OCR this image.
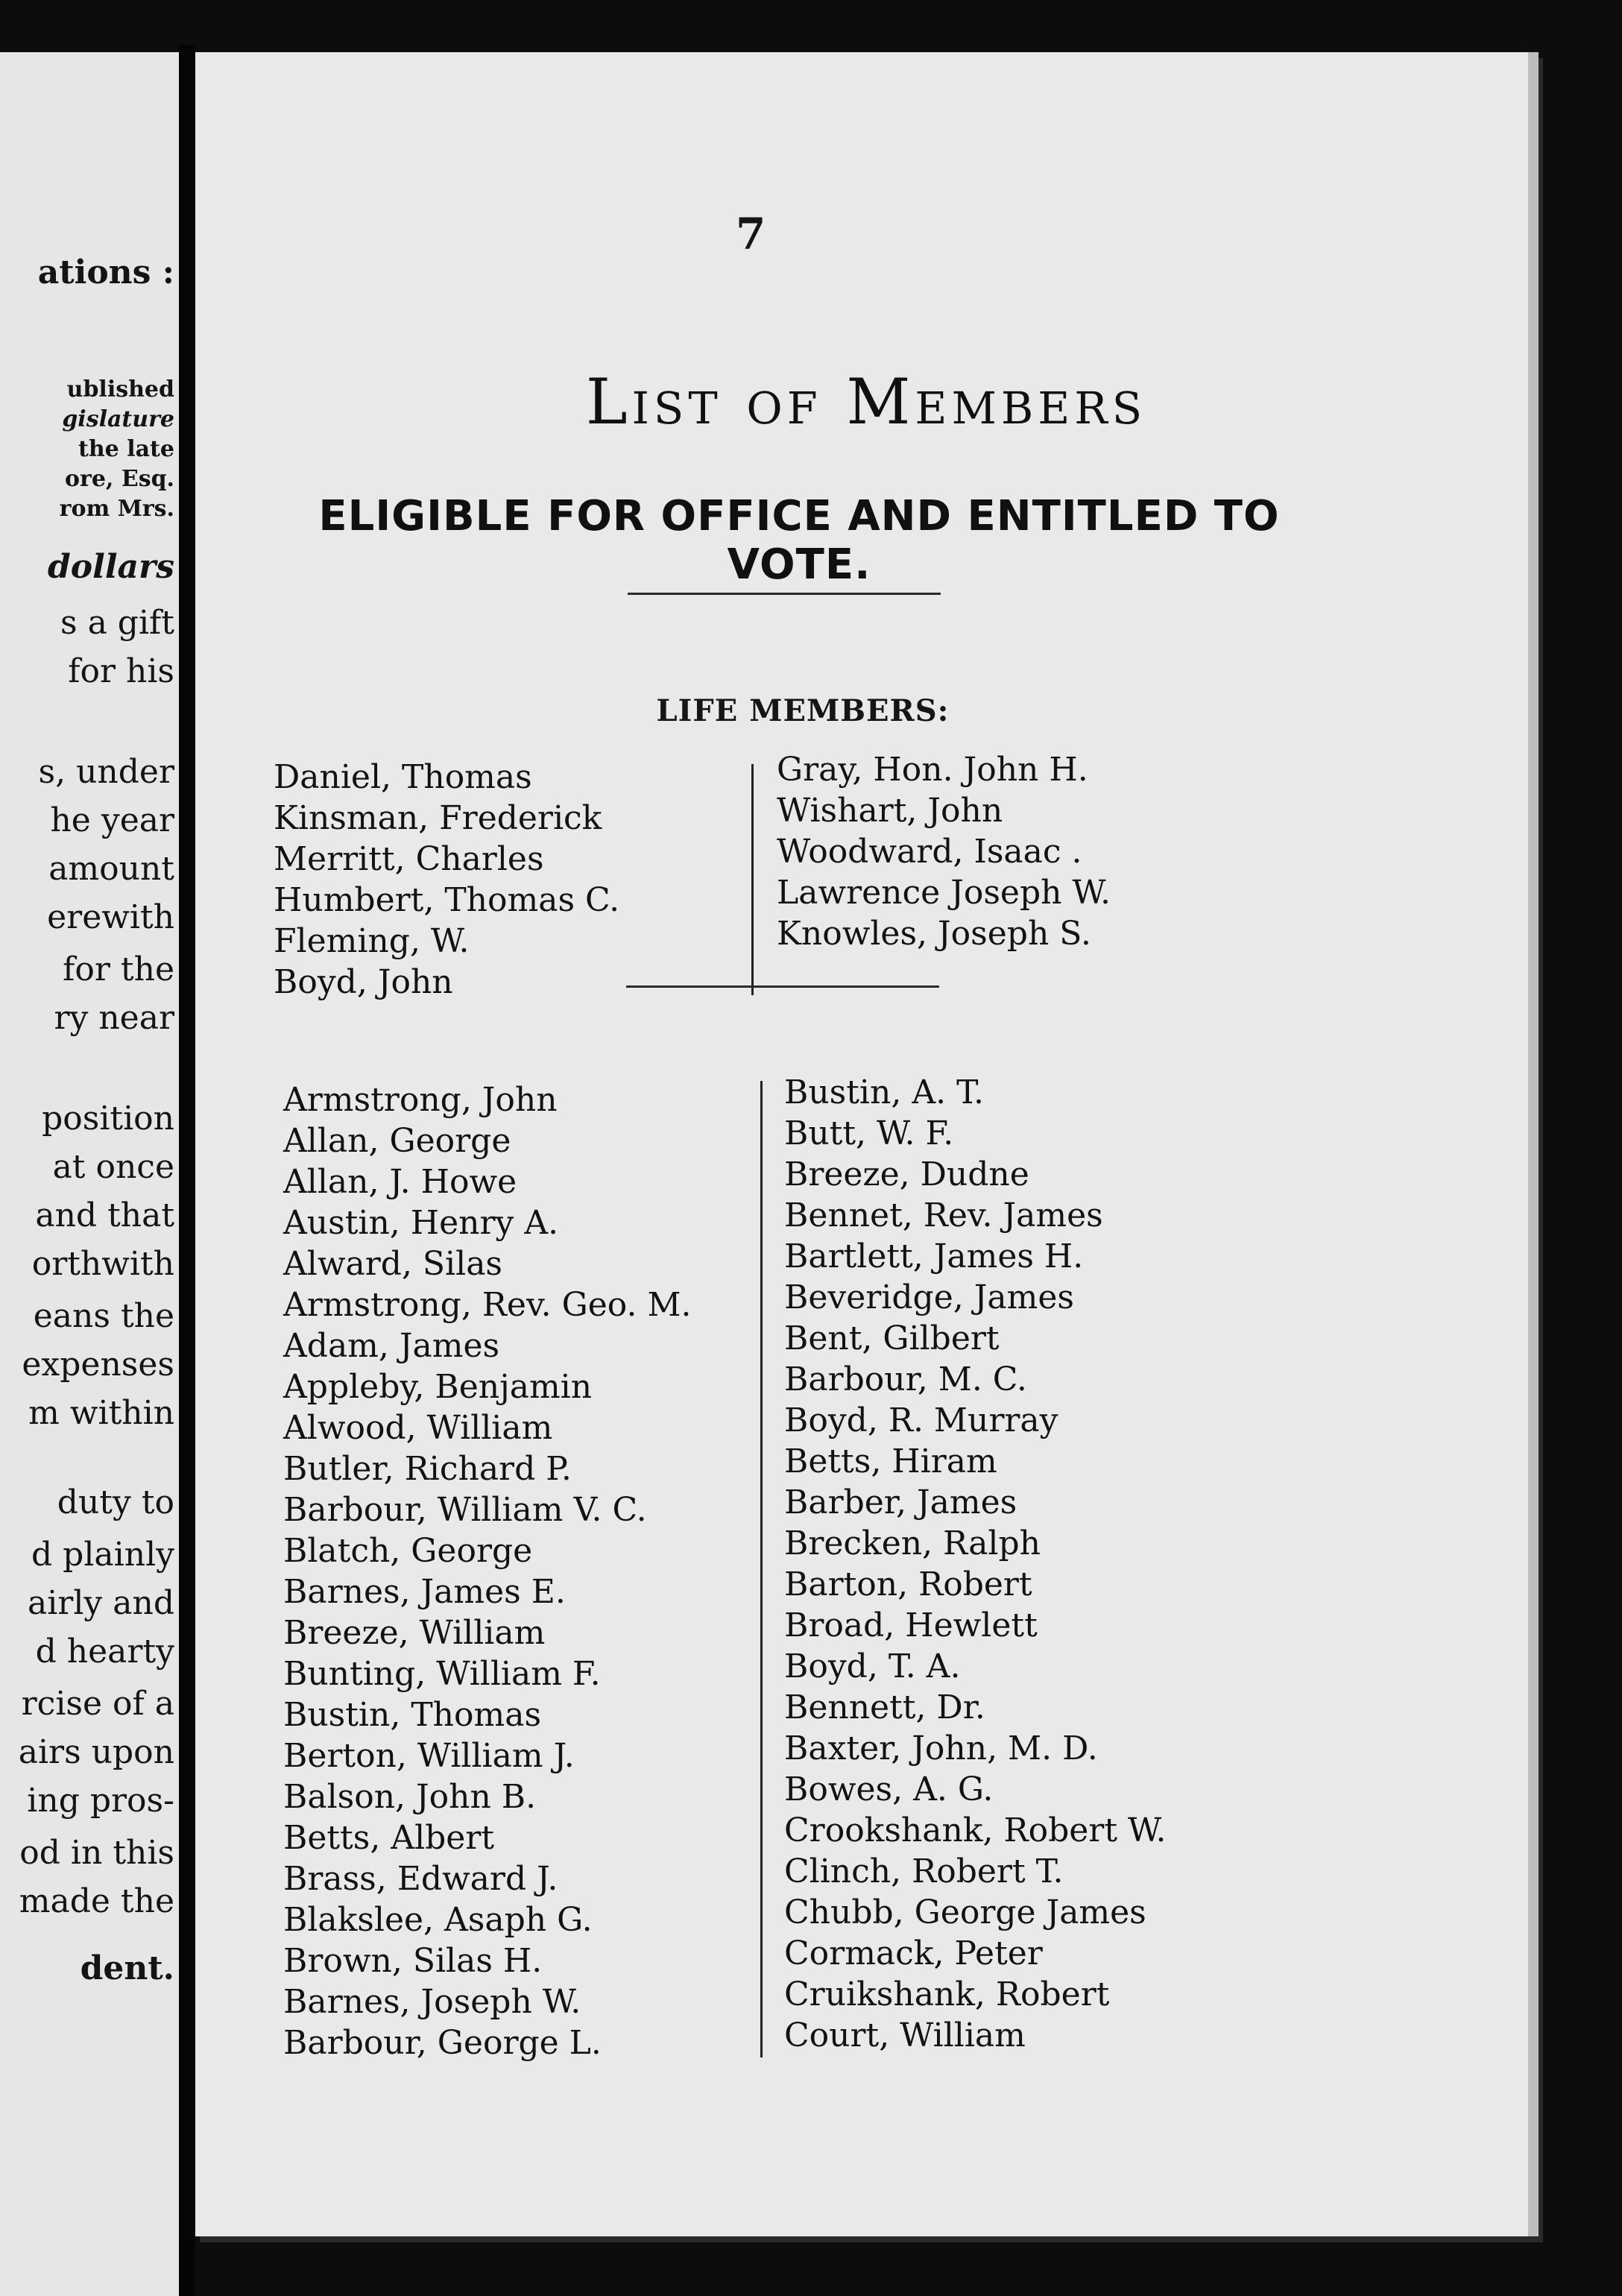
ations :
ublished
gislature
the late
ore, Esq.
rom Mrs.
dollars
s a gift
for his
s, under
he year
amount
erewith
for the
ry near
position
at once
and that
orthwith
eans the
expenses
m within
duty to
d plainly
airly and
d hearty
rcise of a
airs upon
ing pros-
od in this
made the
dent.
7
List of Members
ELIGIBLE FOR OFFICE AND ENTITLED TO VOTE.
LIFE MEMBERS:
Daniel, Thomas
Kinsman, Frederick
Merritt, Charles
Humbert, Thomas C.
Fleming, W.
Boyd, John
Gray, Hon. John H.
Wishart, John
Woodward, Isaac .
Lawrence Joseph W.
Knowles, Joseph S.
Armstrong, John
Allan, George
Allan, J. Howe
Austin, Henry A.
Alward, Silas
Armstrong, Rev. Geo. M.
Adam, James
Appleby, Benjamin
Alwood, William
Butler, Richard P.
Barbour, William V. C.
Blatch, George
Barnes, James E.
Breeze, William
Bunting, William F.
Bustin, Thomas
Berton, William J.
Balson, John B.
Betts, Albert
Brass, Edward J.
Blakslee, Asaph G.
Brown, Silas H.
Barnes, Joseph W.
Barbour, George L.
Bustin, A. T.
Butt, W. F.
Breeze, Dudne
Bennet, Rev. James
Bartlett, James H.
Beveridge, James
Bent, Gilbert
Barbour, M. C.
Boyd, R. Murray
Betts, Hiram
Barber, James
Brecken, Ralph
Barton, Robert
Broad, Hewlett
Boyd, T. A.
Bennett, Dr.
Baxter, John, M. D.
Bowes, A. G.
Crookshank, Robert W.
Clinch, Robert T.
Chubb, George James
Cormack, Peter
Cruikshank, Robert
Court, William
